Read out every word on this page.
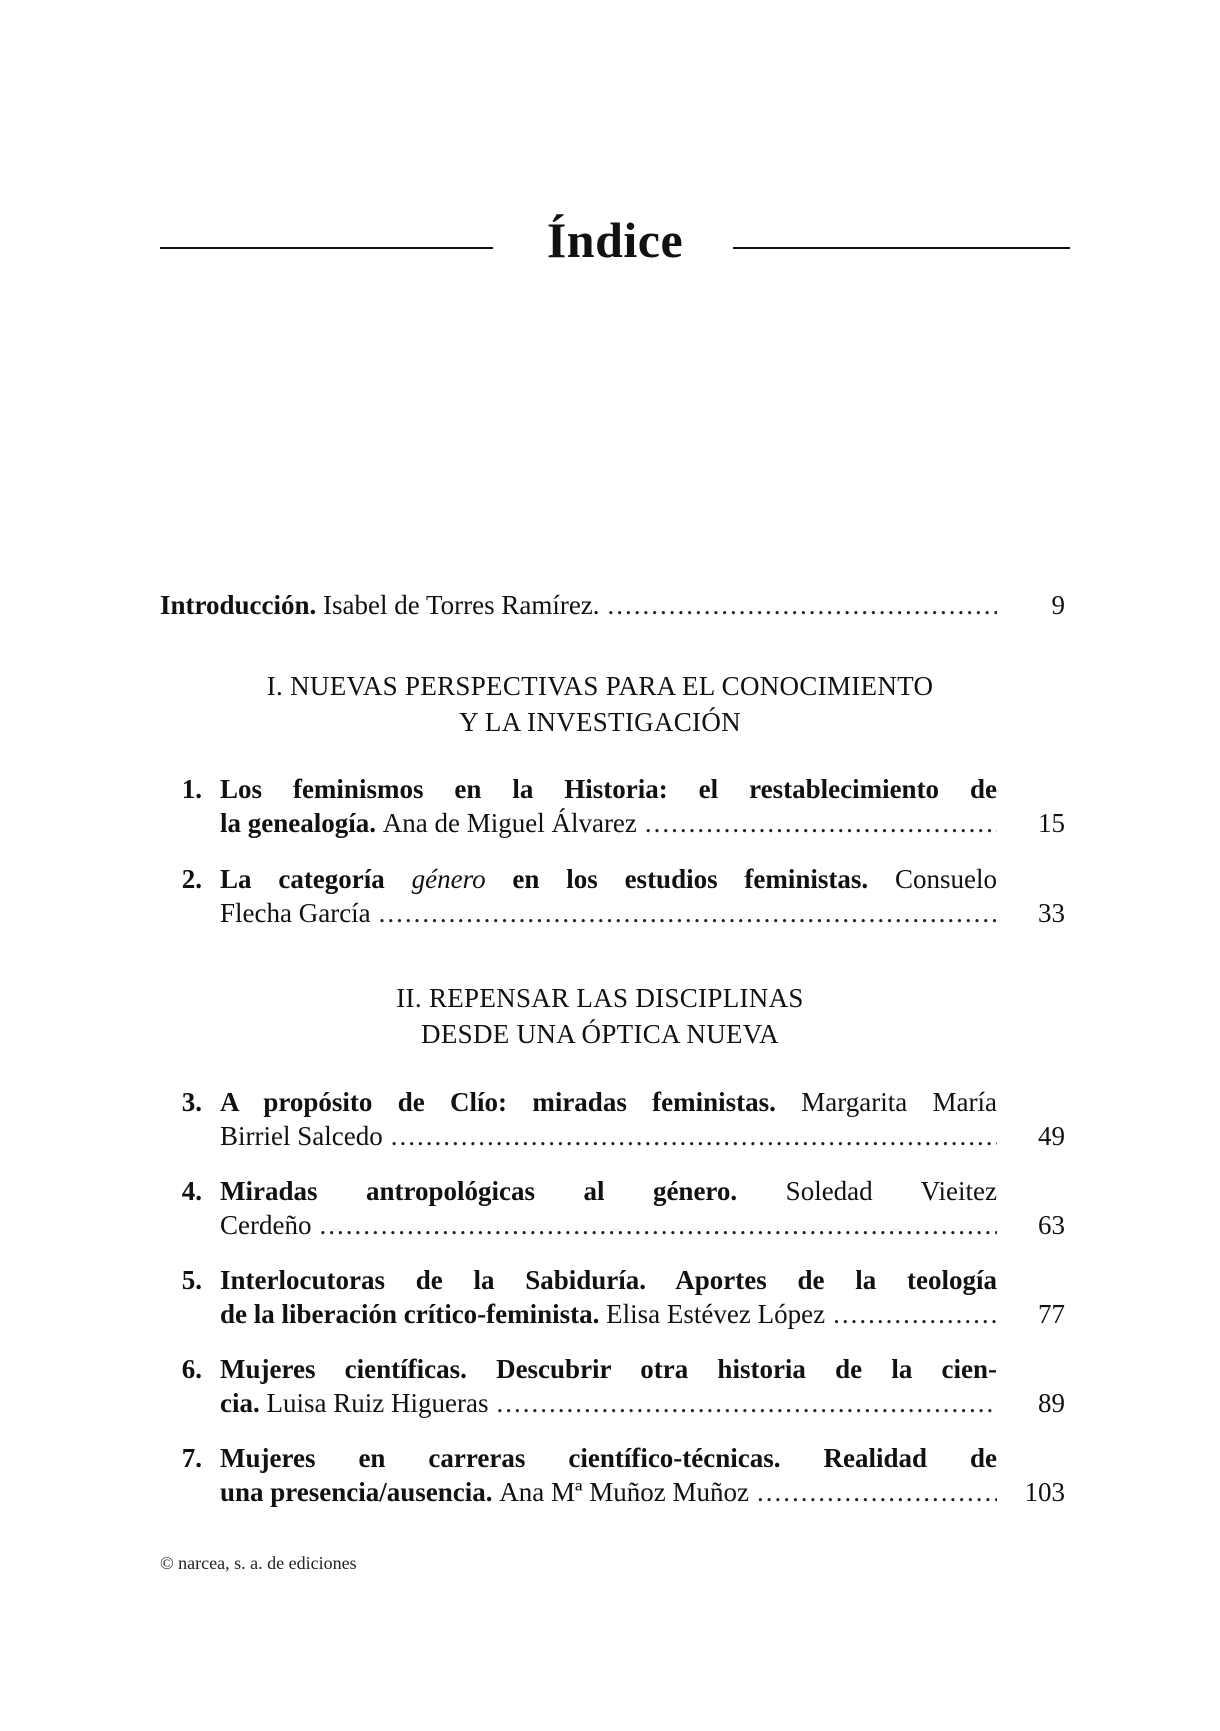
Índice
Introducción.
Isabel de Torres Ramírez. .....	9
I. NUEVAS PERSPECTIVAS PARA EL CONOCIMIENTO
Y LA INVESTIGACIÓN
1. Los feminismos en la Historia: el restablecimiento de
la genealogía.
Ana de Miguel Álvarez .....	15
2. La categoría género en los estudios feministas. Consuelo
Flecha García .....	33
II. REPENSAR LAS DISCIPLINAS
DESDE UNA ÓPTICA NUEVA
3. A propósito de Clío: miradas feministas. Margarita María
Birriel Salcedo .....	49
4. Miradas antropológicas al género. Soledad Vieitez
Cerdeño .....	63
5. Interlocutoras de la Sabiduría. Aportes de la teología
de la liberación crítico-feminista.
Elisa Estévez López .....	77
6. Mujeres científicas. Descubrir otra historia de la cien-
cia.
Luisa Ruiz Higueras .....	89
7. Mujeres en carreras científico-técnicas. Realidad de
una presencia/ausencia.
Ana Mª Muñoz Muñoz .....	103
© narcea, s. a. de ediciones
